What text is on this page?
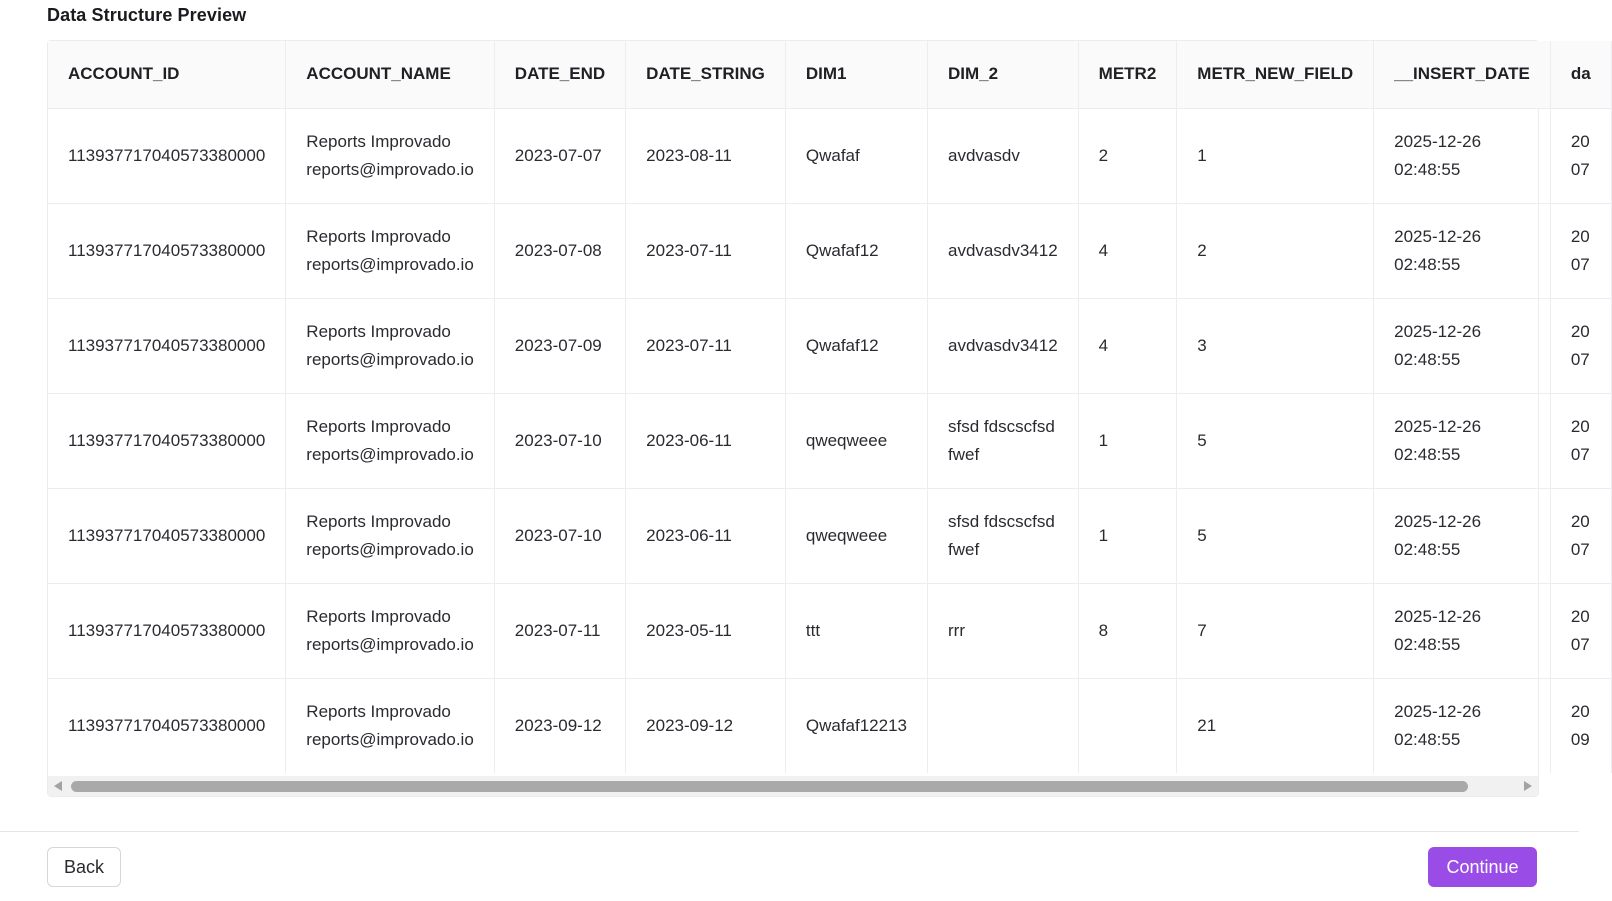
Data Structure Preview
ACCOUNT_ID	ACCOUNT_NAME	DATE_END	DATE_STRING	DIM1	DIM_2	METR2	METR_NEW_FIELD	__INSERT_DATE	da
113937717040573380000	Reports Improvado reports@improvado.io	2023-07-07	2023-08-11	Qwafaf	avdvasdv	2	1	2025-12-26 02:48:55	20 07
113937717040573380000	Reports Improvado reports@improvado.io	2023-07-08	2023-07-11	Qwafaf12	avdvasdv3412	4	2	2025-12-26 02:48:55	20 07
113937717040573380000	Reports Improvado reports@improvado.io	2023-07-09	2023-07-11	Qwafaf12	avdvasdv3412	4	3	2025-12-26 02:48:55	20 07
113937717040573380000	Reports Improvado reports@improvado.io	2023-07-10	2023-06-11	qweqweee	sfsd fdscscfsd fwef	1	5	2025-12-26 02:48:55	20 07
113937717040573380000	Reports Improvado reports@improvado.io	2023-07-10	2023-06-11	qweqweee	sfsd fdscscfsd fwef	1	5	2025-12-26 02:48:55	20 07
113937717040573380000	Reports Improvado reports@improvado.io	2023-07-11	2023-05-11	ttt	rrr	8	7	2025-12-26 02:48:55	20 07
113937717040573380000	Reports Improvado reports@improvado.io	2023-09-12	2023-09-12	Qwafaf12213			21	2025-12-26 02:48:55	20 09
Back	Continue
